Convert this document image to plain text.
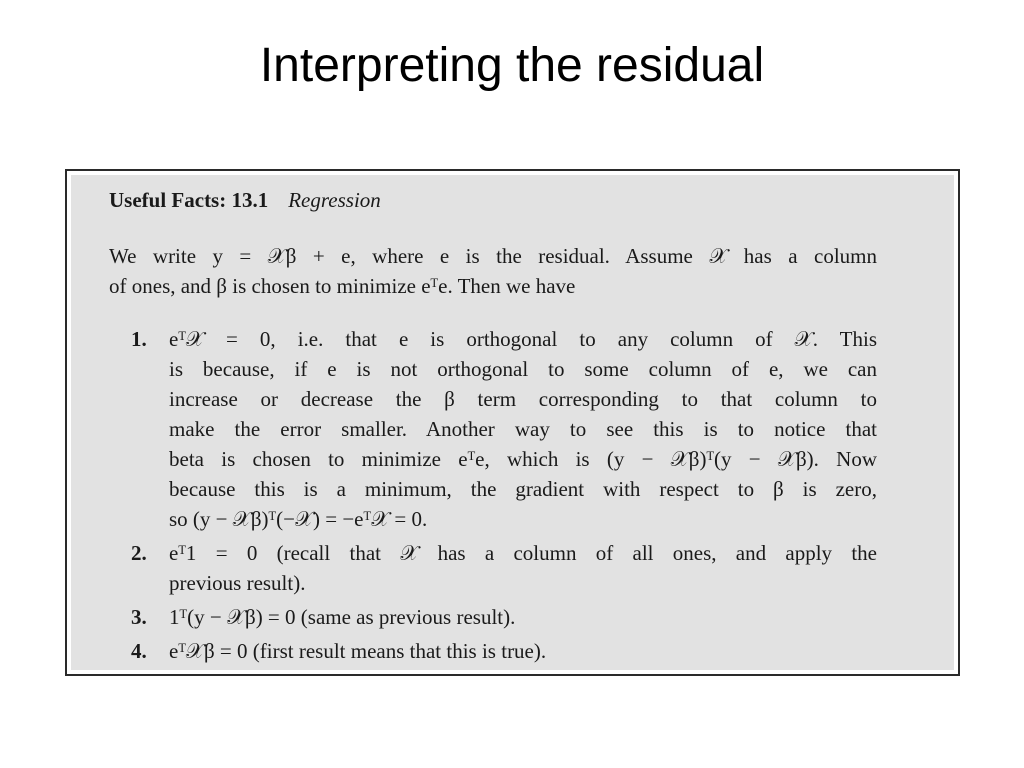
Interpreting the residual
Useful Facts: 13.1 Regression
We write y = 𝒳β + e, where e is the residual. Assume 𝒳 has a column
of ones, and β is chosen to minimize eᵀe. Then we have
1. eᵀ𝒳 = 0, i.e. that e is orthogonal to any column of 𝒳. This
is because, if e is not orthogonal to some column of e, we can
increase or decrease the β term corresponding to that column to
make the error smaller. Another way to see this is to notice that
beta is chosen to minimize eᵀe, which is (y − 𝒳β)ᵀ(y − 𝒳β). Now
because this is a minimum, the gradient with respect to β is zero,
so (y − 𝒳β)ᵀ(−𝒳) = −eᵀ𝒳 = 0.
2. eᵀ1 = 0 (recall that 𝒳 has a column of all ones, and apply the
previous result).
3. 1ᵀ(y − 𝒳β) = 0 (same as previous result).
4. eᵀ𝒳β = 0 (first result means that this is true).
